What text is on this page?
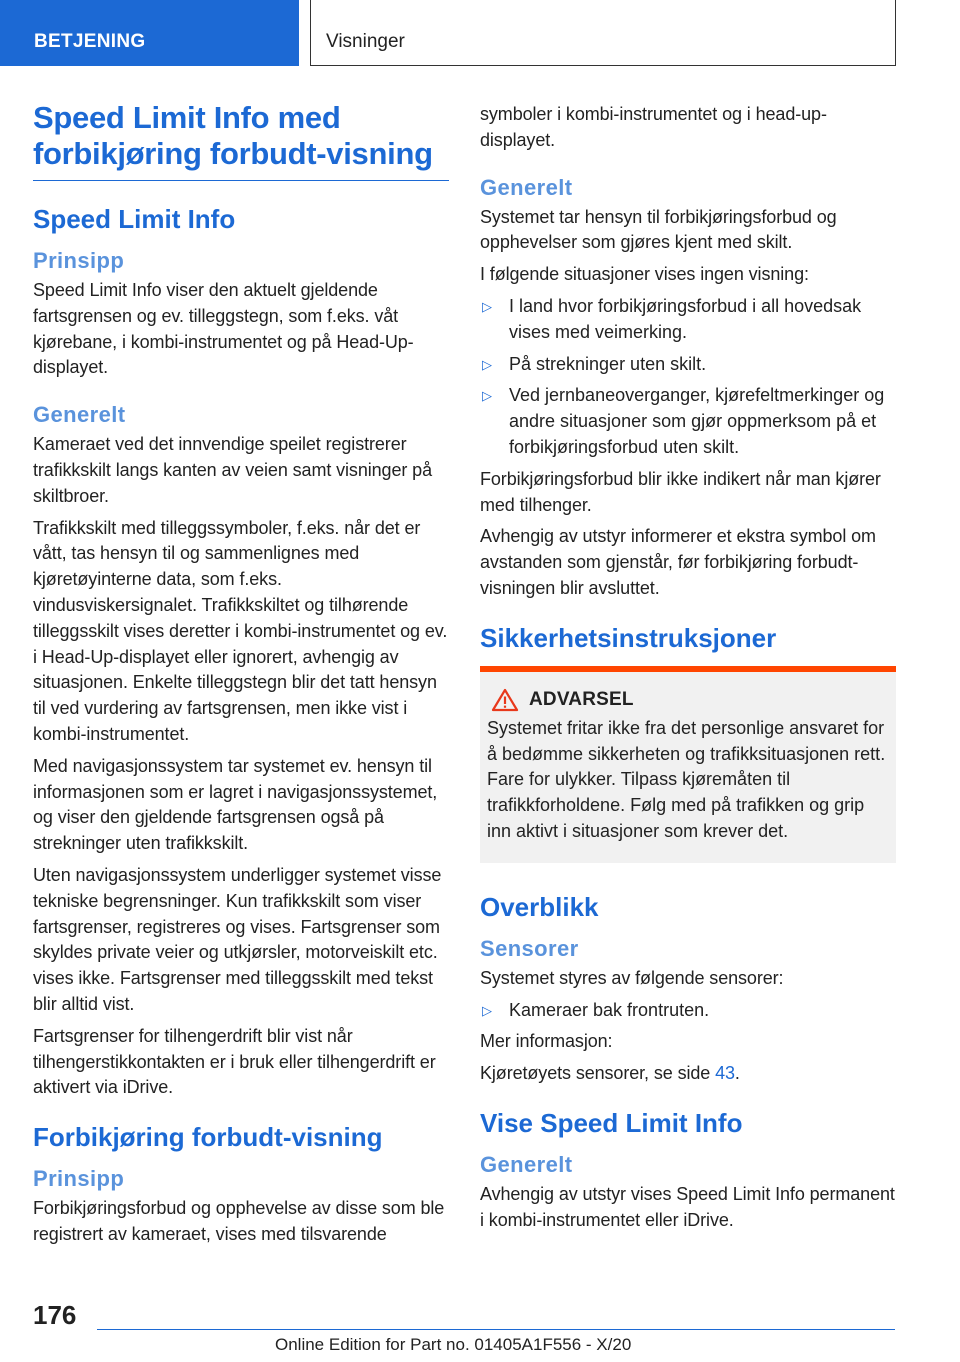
BETJENING	Visninger
Speed Limit Info med forbikjøring forbudt-visning
Speed Limit Info
Prinsipp

Speed Limit Info viser den aktuelt gjeldende fartsgrensen og ev. tilleggstegn, som f.eks. våt kjørebane, i kombi-instrumentet og på Head-Up-displayet.

Generelt

Kameraet ved det innvendige speilet registrerer trafikkskilt langs kanten av veien samt visninger på skiltbroer.

Trafikkskilt med tilleggssymboler, f.eks. når det er vått, tas hensyn til og sammenlignes med kjøretøyinterne data, som f.eks. vindusviskersignalet. Trafikkskiltet og tilhørende tilleggsskilt vises deretter i kombi-instrumentet og ev. i Head-Up-displayet eller ignorert, avhengig av situasjonen. Enkelte tilleggstegn blir det tatt hensyn til ved vurdering av fartsgrensen, men ikke vist i kombi-instrumentet.

Med navigasjonssystem tar systemet ev. hensyn til informasjonen som er lagret i navigasjonssystemet, og viser den gjeldende fartsgrensen også på strekninger uten trafikkskilt.

Uten navigasjonssystem underligger systemet visse tekniske begrensninger. Kun trafikkskilt som viser fartsgrenser, registreres og vises. Fartsgrenser som skyldes private veier og utkjørsler, motorveiskilt etc. vises ikke. Fartsgrenser med tilleggsskilt med tekst blir alltid vist.

Fartsgrenser for tilhengerdrift blir vist når tilhengerstikkontakten er i bruk eller tilhengerdrift er aktivert via iDrive.

Forbikjøring forbudt-visning
Prinsipp

Forbikjøringsforbud og opphevelse av disse som ble registrert av kameraet, vises med tilsvarende

symboler i kombi-instrumentet og i head-up-displayet.

Generelt

Systemet tar hensyn til forbikjøringsforbud og opphevelser som gjøres kjent med skilt.

I følgende situasjoner vises ingen visning:

▷ I land hvor forbikjøringsforbud i all hovedsak vises med veimerking.
▷ På strekninger uten skilt.
▷ Ved jernbaneoverganger, kjørefeltmerkinger og andre situasjoner som gjør oppmerksom på et forbikjøringsforbud uten skilt.

Forbikjøringsforbud blir ikke indikert når man kjører med tilhenger.

Avhengig av utstyr informerer et ekstra symbol om avstanden som gjenstår, før forbikjøring forbudt-visningen blir avsluttet.

Sikkerhetsinstruksjoner
ADVARSEL

Systemet fritar ikke fra det personlige ansvaret for å bedømme sikkerheten og trafikksituasjonen rett. Fare for ulykker. Tilpass kjøremåten til trafikkforholdene. Følg med på trafikken og grip inn aktivt i situasjoner som krever det.

Overblikk
Sensorer

Systemet styres av følgende sensorer:

▷ Kameraer bak frontruten.

Mer informasjon:

Kjøretøyets sensorer, se side 43.

Vise Speed Limit Info
Generelt

Avhengig av utstyr vises Speed Limit Info permanent i kombi-instrumentet eller iDrive.

176
Online Edition for Part no. 01405A1F556 - X/20
